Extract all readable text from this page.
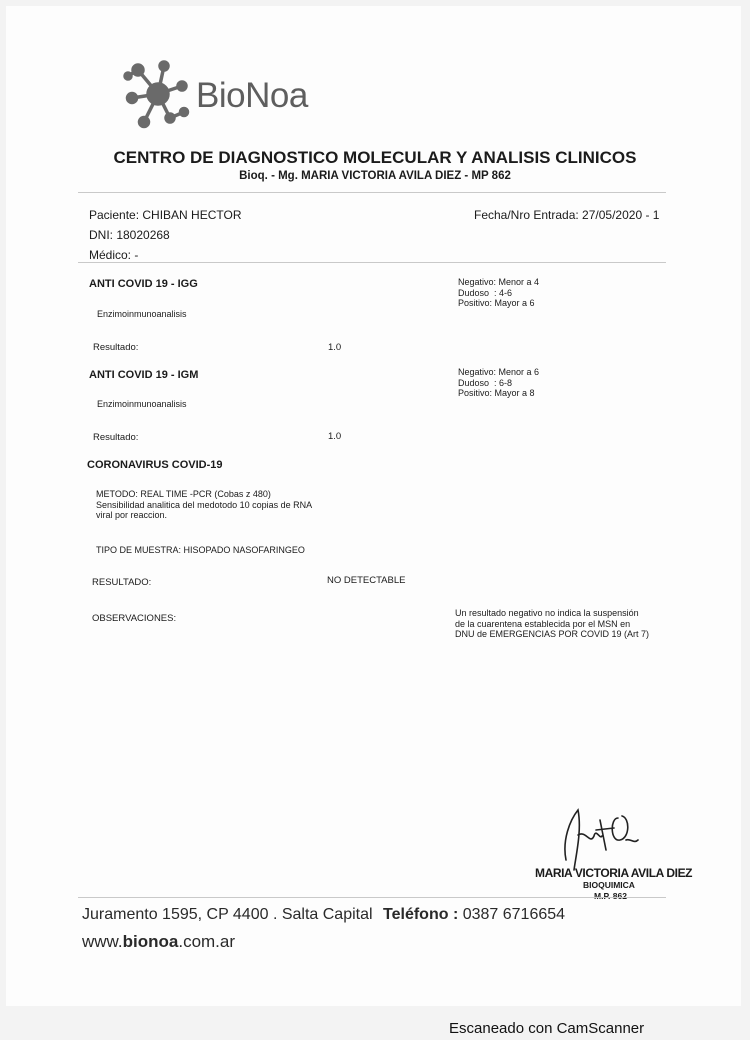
BioNoa
CENTRO DE DIAGNOSTICO MOLECULAR Y ANALISIS CLINICOS
Bioq. - Mg. MARIA VICTORIA AVILA DIEZ - MP 862
Paciente: CHIBAN HECTOR
DNI: 18020268
Médico: -
Fecha/Nro Entrada: 27/05/2020 - 1
ANTI COVID 19 - IGG
Enzimoinmunoanalisis
Resultado:	1.0
Negativo: Menor a 4
Dudoso  : 4-6
Positivo: Mayor a 6
ANTI COVID 19 - IGM
Enzimoinmunoanalisis
Resultado:	1.0
Negativo: Menor a 6
Dudoso  : 6-8
Positivo: Mayor a 8
CORONAVIRUS COVID-19
METODO: REAL TIME -PCR (Cobas z 480)
Sensibilidad analitica del medotodo 10 copias de RNA
viral por reaccion.
TIPO DE MUESTRA: HISOPADO NASOFARINGEO
RESULTADO:	NO DETECTABLE
OBSERVACIONES:	Un resultado negativo no indica la suspensión
de la cuarentena establecida por el MSN en
DNU de EMERGENCIAS POR COVID 19 (Art 7)
MARIA VICTORIA AVILA DIEZ
BIOQUIMICA
M.P. 862
Juramento 1595, CP 4400 . Salta Capital Teléfono : 0387 6716654
www.bionoa.com.ar
Escaneado con CamScanner
